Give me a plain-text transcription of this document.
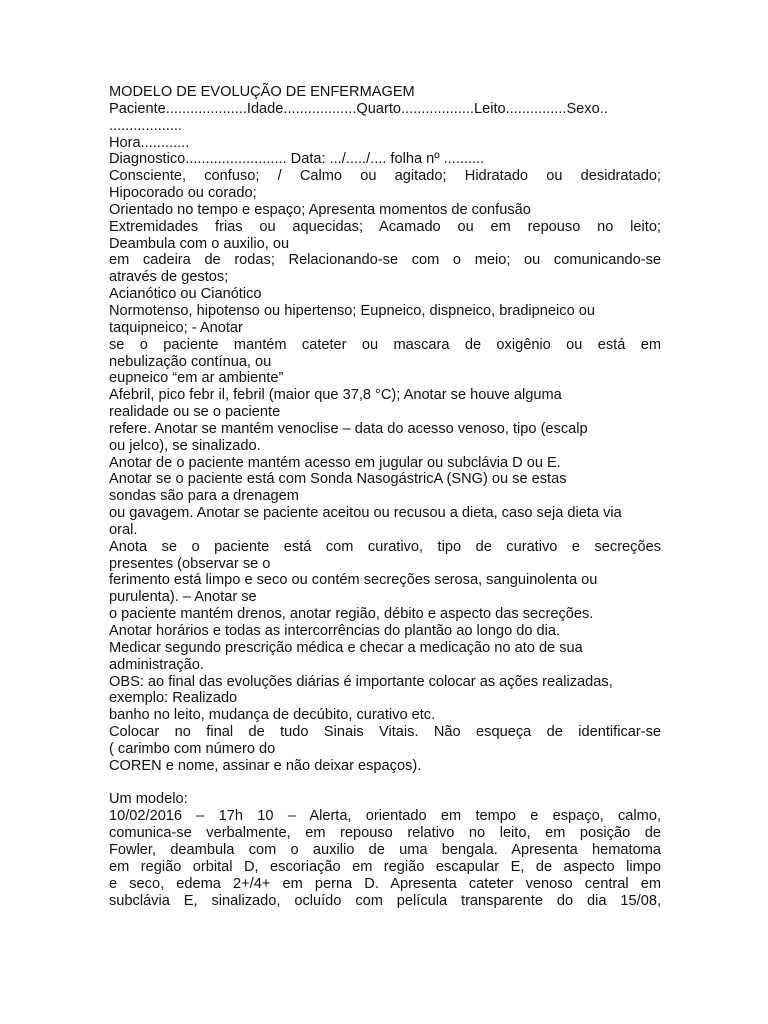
MODELO DE EVOLUÇÃO DE ENFERMAGEM
Paciente....................Idade..................Quarto..................Leito...............Sexo..
..................
Hora............
Diagnostico......................... Data: .../...../.... folha nº ..........
Consciente, confuso; / Calmo ou agitado; Hidratado ou desidratado;
Hipocorado ou corado;
Orientado no tempo e espaço; Apresenta momentos de confusão
Extremidades frias ou aquecidas; Acamado ou em repouso no leito;
Deambula com o auxilio, ou
em cadeira de rodas; Relacionando-se com o meio; ou comunicando-se
através de gestos;
Acianótico ou Cianótico
Normotenso, hipotenso ou hipertenso; Eupneico, dispneico, bradipneico ou
taquipneico; - Anotar
se o paciente mantém cateter ou mascara de oxigênio ou está em
nebulização contínua, ou
eupneico “em ar ambiente”
Afebril, pico febr il, febril (maior que 37,8 °C); Anotar se houve alguma
realidade ou se o paciente
refere. Anotar se mantém venoclise – data do acesso venoso, tipo (escalp
ou jelco), se sinalizado.
Anotar de o paciente mantém acesso em jugular ou subclávia D ou E.
Anotar se o paciente está com Sonda NasogástricA (SNG) ou se estas
sondas são para a drenagem
ou gavagem. Anotar se paciente aceitou ou recusou a dieta, caso seja dieta via
oral.
Anota se o paciente está com curativo, tipo de curativo e secreções
presentes (observar se o
ferimento está limpo e seco ou contém secreções serosa, sanguinolenta ou
purulenta). – Anotar se
o paciente mantém drenos, anotar região, débito e aspecto das secreções.
Anotar horários e todas as intercorrências do plantão ao longo do dia.
Medicar segundo prescrição médica e checar a medicação no ato de sua
administração.
OBS: ao final das evoluções diárias é importante colocar as ações realizadas,
exemplo: Realizado
banho no leito, mudança de decúbito, curativo etc.
Colocar no final de tudo Sinais Vitais. Não esqueça de identificar-se
( carimbo com número do
COREN e nome, assinar e não deixar espaços).
Um modelo:
10/02/2016 – 17h 10 – Alerta, orientado em tempo e espaço, calmo,
comunica-se verbalmente, em repouso relativo no leito, em posição de
Fowler, deambula com o auxilio de uma bengala. Apresenta hematoma
em região orbital D, escoriação em região escapular E, de aspecto limpo
e seco, edema 2+/4+ em perna D. Apresenta cateter venoso central em
subclávia E, sinalizado, ocluído com película transparente do dia 15/08,
